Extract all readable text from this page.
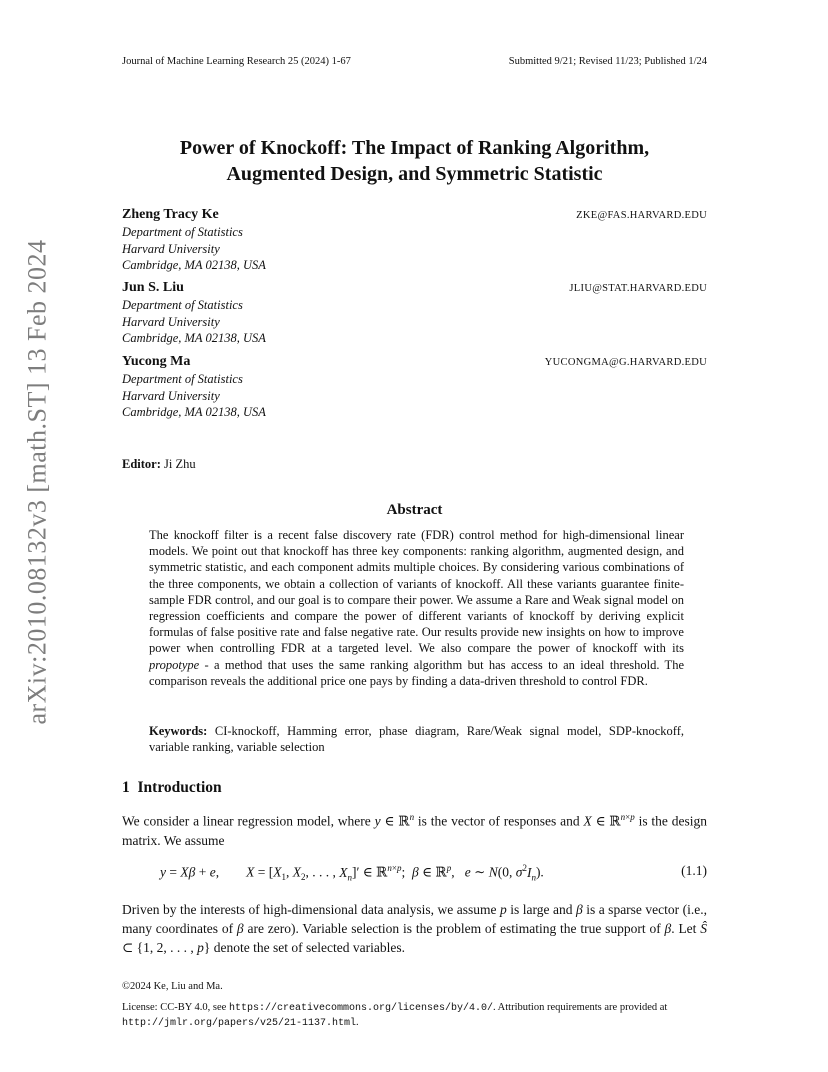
arXiv:2010.08132v3 [math.ST] 13 Feb 2024
Journal of Machine Learning Research 25 (2024) 1-67	Submitted 9/21; Revised 11/23; Published 1/24
Power of Knockoff: The Impact of Ranking Algorithm,
Augmented Design, and Symmetric Statistic
Zheng Tracy Ke	ZKE@FAS.HARVARD.EDU
Department of Statistics
Harvard University
Cambridge, MA 02138, USA
Jun S. Liu	JLIU@STAT.HARVARD.EDU
Department of Statistics
Harvard University
Cambridge, MA 02138, USA
Yucong Ma	YUCONGMA@G.HARVARD.EDU
Department of Statistics
Harvard University
Cambridge, MA 02138, USA
Editor: Ji Zhu
Abstract
The knockoff filter is a recent false discovery rate (FDR) control method for high-dimensional linear models. We point out that knockoff has three key components: ranking algorithm, augmented design, and symmetric statistic, and each component admits multiple choices. By considering various combinations of the three components, we obtain a collection of variants of knockoff. All these variants guarantee finite-sample FDR control, and our goal is to compare their power. We assume a Rare and Weak signal model on regression coefficients and compare the power of different variants of knockoff by deriving explicit formulas of false positive rate and false negative rate. Our results provide new insights on how to improve power when controlling FDR at a targeted level. We also compare the power of knockoff with its propotype - a method that uses the same ranking algorithm but has access to an ideal threshold. The comparison reveals the additional price one pays by finding a data-driven threshold to control FDR.
Keywords: CI-knockoff, Hamming error, phase diagram, Rare/Weak signal model, SDP-knockoff, variable ranking, variable selection
1 Introduction
We consider a linear regression model, where y ∈ ℝ$^n$ is the vector of responses and X ∈ ℝ$^{n\times p}$ is the design matrix. We assume
y = Xβ + e,        $X = [X_1$, $X_2$, . . . , $X_n]'$ ∈ ℝ$^{n\times p}$;  β ∈ ℝ$^p$,   e ∼ N(0, $\sigma^2I_n$).	(1.1)
Driven by the interests of high-dimensional data analysis, we assume p is large and β is a sparse vector (i.e., many coordinates of β are zero). Variable selection is the problem of estimating the true support of β. Let Ŝ ⊂ {1, 2, . . . , p} denote the set of selected variables.
©2024 Ke, Liu and Ma.
License: CC-BY 4.0, see https://creativecommons.org/licenses/by/4.0/. Attribution requirements are provided at http://jmlr.org/papers/v25/21-1137.html.
